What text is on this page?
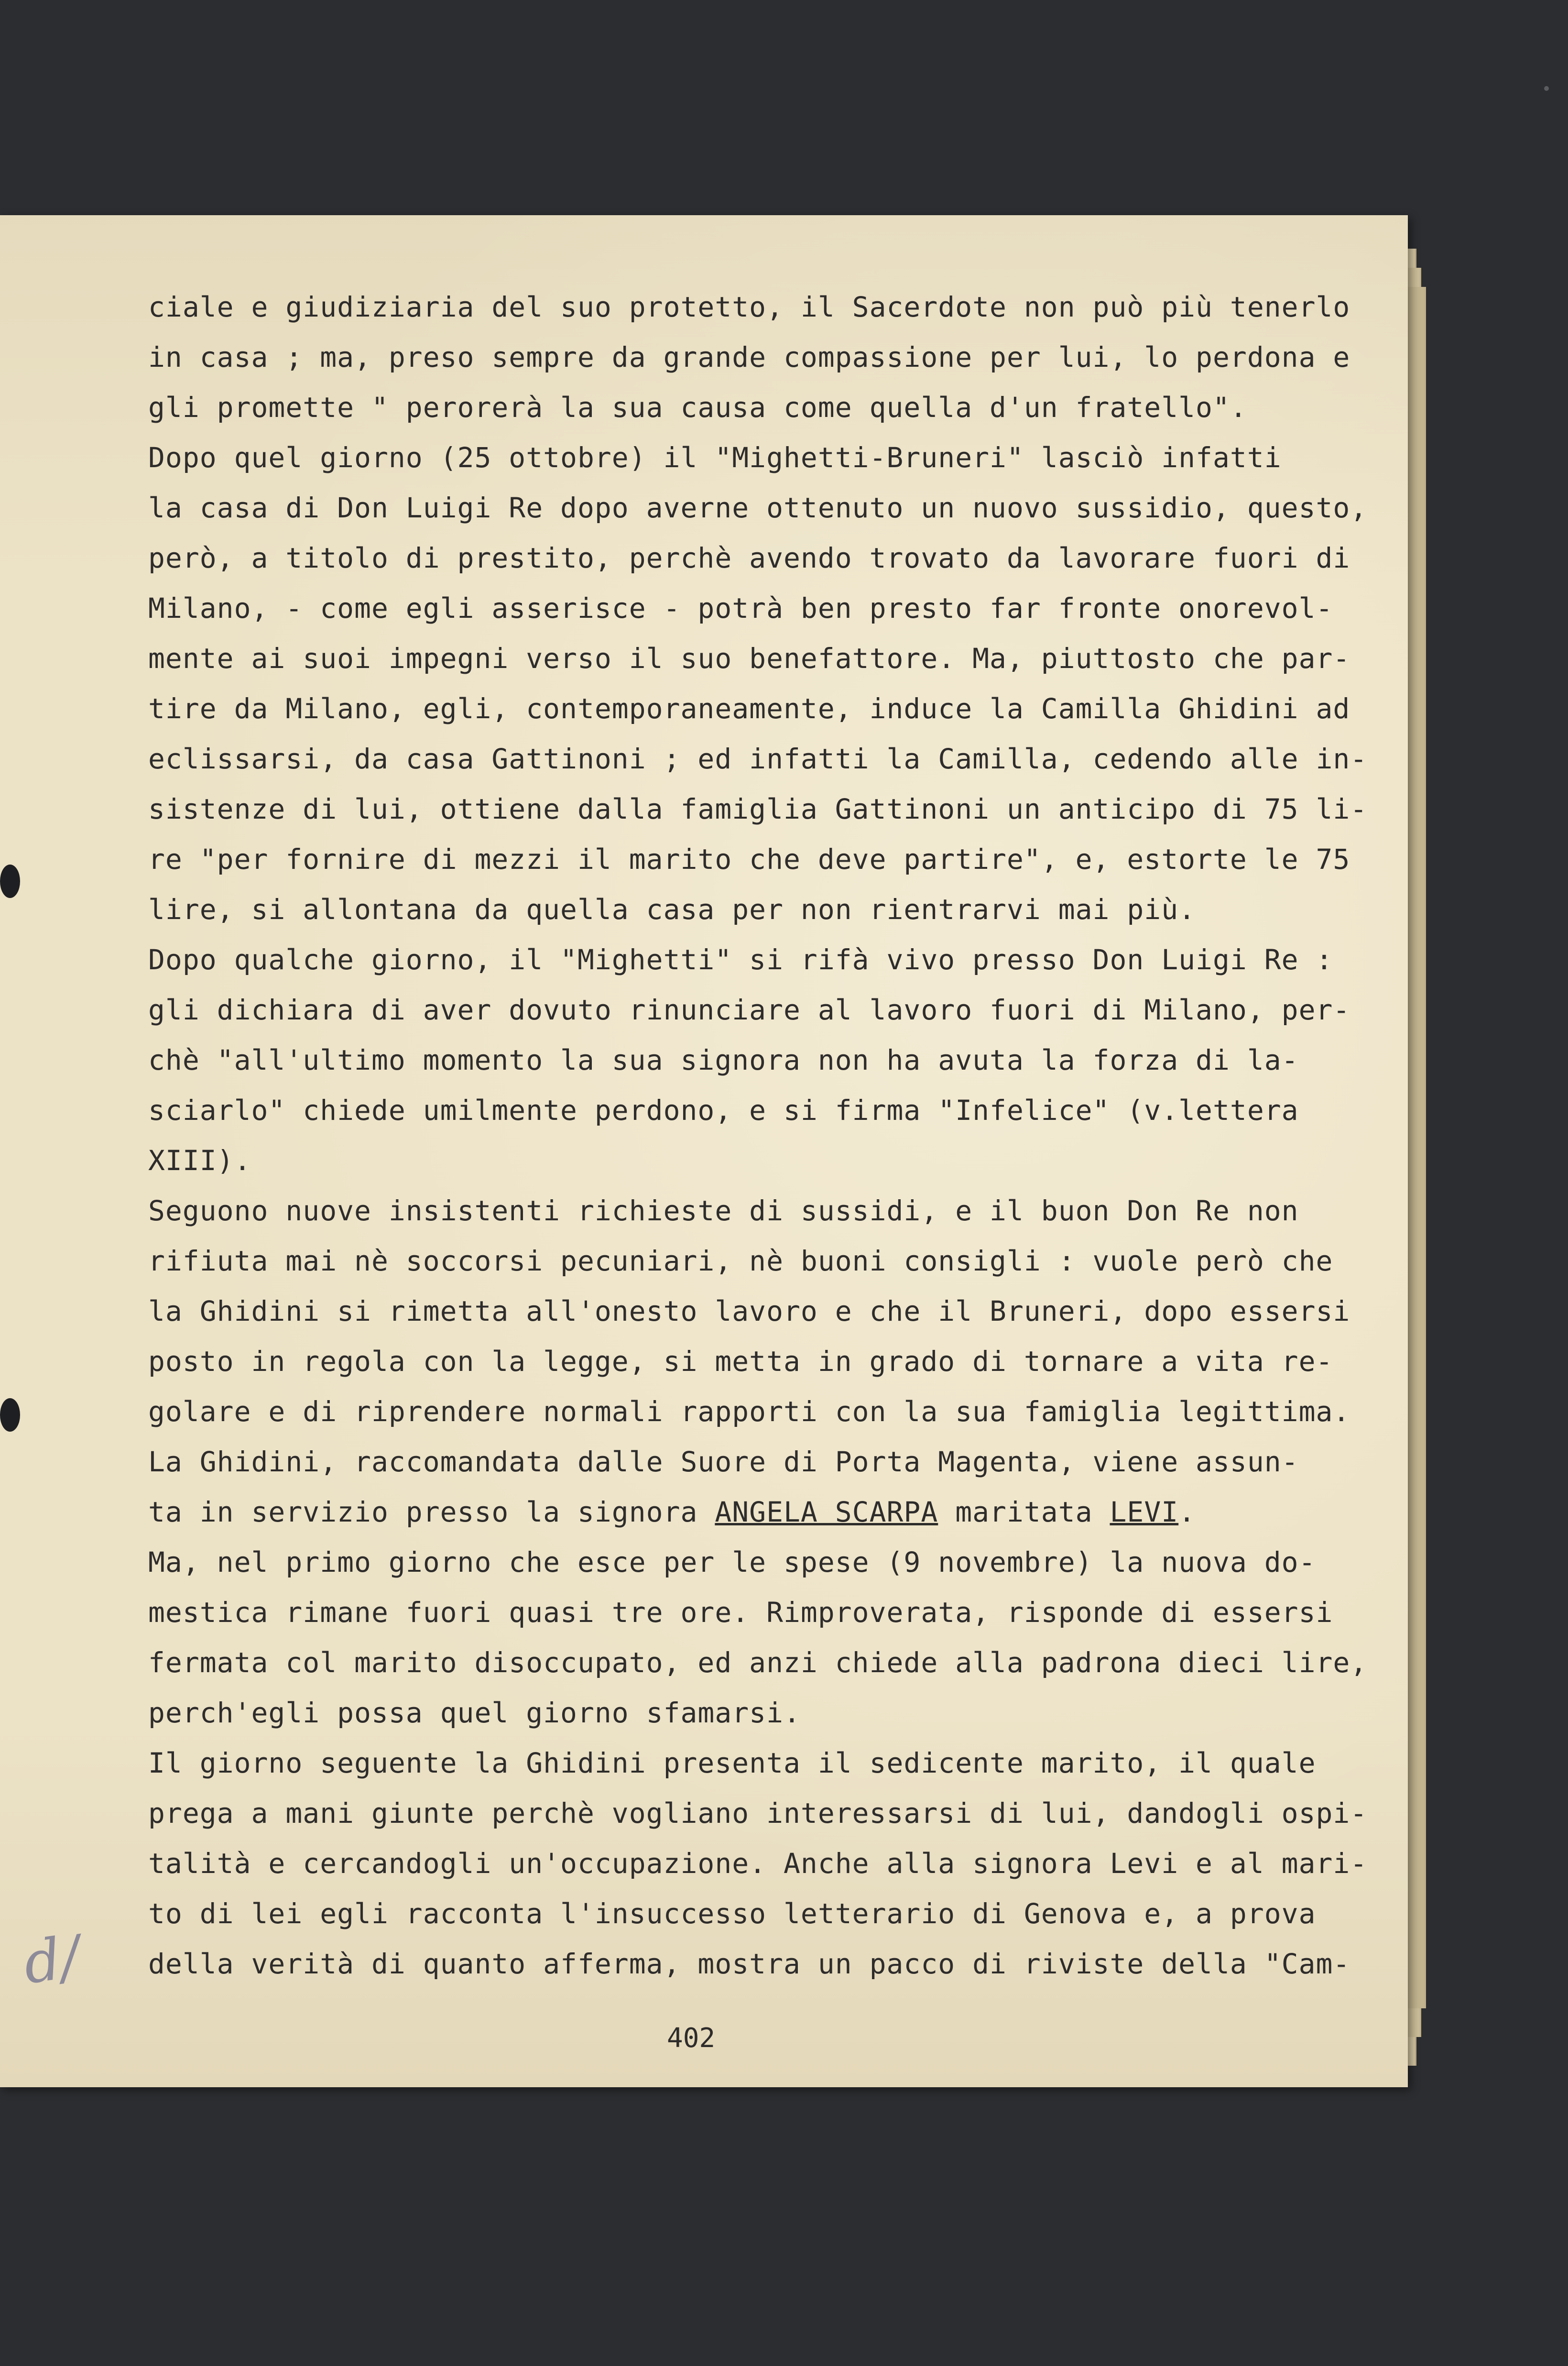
ciale e giudiziaria del suo protetto, il Sacerdote non può più tenerlo
in casa ; ma, preso sempre da grande compassione per lui, lo perdona e
gli promette " perorerà la sua causa come quella d'un fratello".
Dopo quel giorno (25 ottobre) il "Mighetti-Bruneri" lasciò infatti
la casa di Don Luigi Re dopo averne ottenuto un nuovo sussidio, questo,
però, a titolo di prestito, perchè avendo trovato da lavorare fuori di
Milano, - come egli asserisce - potrà ben presto far fronte onorevol-
mente ai suoi impegni verso il suo benefattore. Ma, piuttosto che par-
tire da Milano, egli, contemporaneamente, induce la Camilla Ghidini ad
eclissarsi, da casa Gattinoni ; ed infatti la Camilla, cedendo alle in-
sistenze di lui, ottiene dalla famiglia Gattinoni un anticipo di 75 li-
re "per fornire di mezzi il marito che deve partire", e, estorte le 75
lire, si allontana da quella casa per non rientrarvi mai più.
Dopo qualche giorno, il "Mighetti" si rifà vivo presso Don Luigi Re :
gli dichiara di aver dovuto rinunciare al lavoro fuori di Milano, per-
chè "all'ultimo momento la sua signora non ha avuta la forza di la-
sciarlo" chiede umilmente perdono, e si firma "Infelice" (v.lettera
XIII).
Seguono nuove insistenti richieste di sussidi, e il buon Don Re non
rifiuta mai nè soccorsi pecuniari, nè buoni consigli : vuole però che
la Ghidini si rimetta all'onesto lavoro e che il Bruneri, dopo essersi
posto in regola con la legge, si metta in grado di tornare a vita re-
golare e di riprendere normali rapporti con la sua famiglia legittima.
La Ghidini, raccomandata dalle Suore di Porta Magenta, viene assun-
ta in servizio presso la signora ANGELA SCARPA maritata LEVI.
Ma, nel primo giorno che esce per le spese (9 novembre) la nuova do-
mestica rimane fuori quasi tre ore. Rimproverata, risponde di essersi
fermata col marito disoccupato, ed anzi chiede alla padrona dieci lire,
perch'egli possa quel giorno sfamarsi.
Il giorno seguente la Ghidini presenta il sedicente marito, il quale
prega a mani giunte perchè vogliano interessarsi di lui, dandogli ospi-
talità e cercandogli un'occupazione. Anche alla signora Levi e al mari-
to di lei egli racconta l'insuccesso letterario di Genova e, a prova
della verità di quanto afferma, mostra un pacco di riviste della "Cam-
d/
402
